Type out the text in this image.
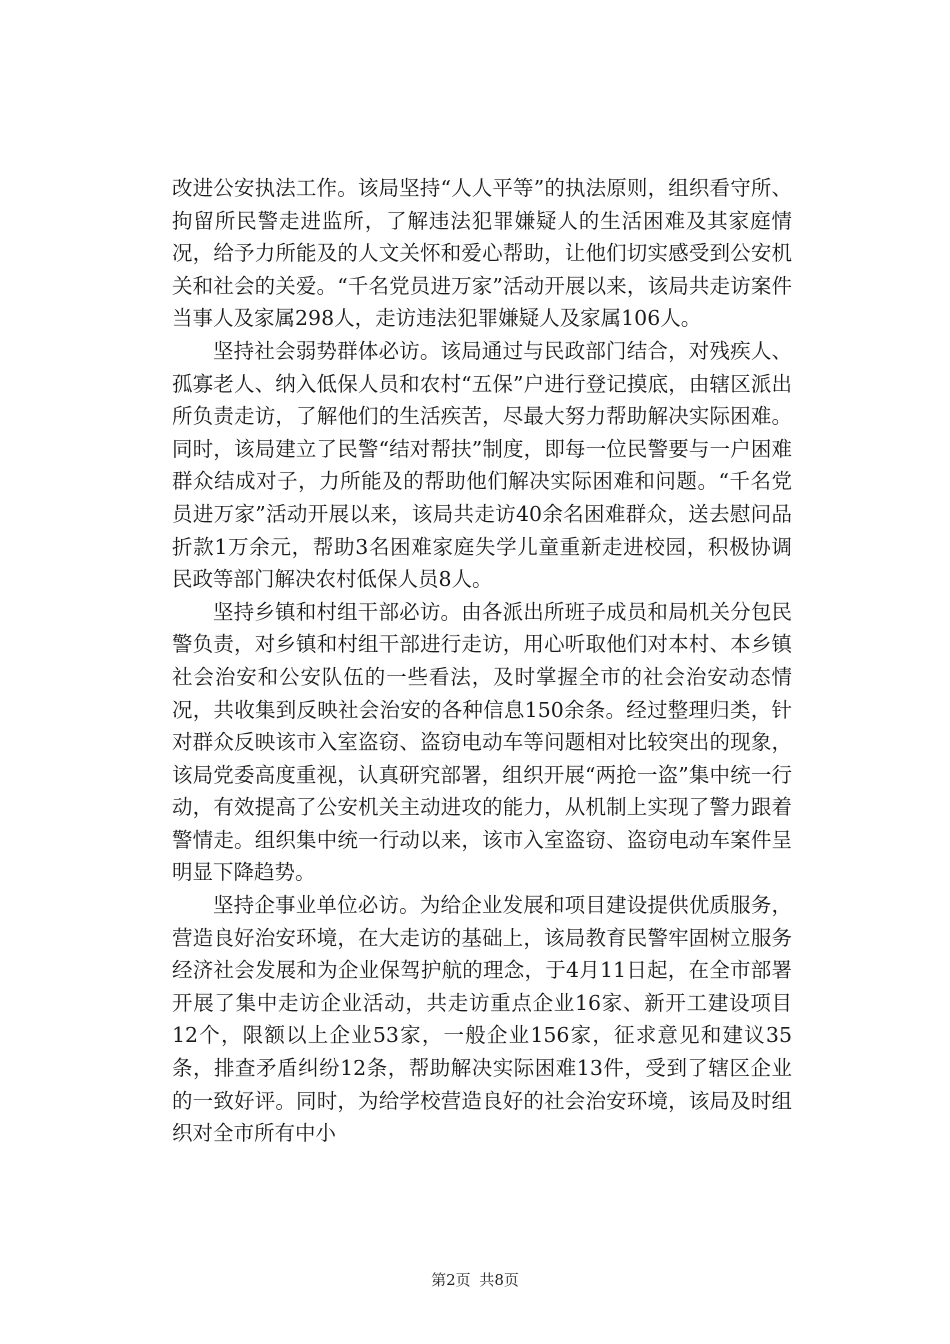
改进公安执法工作。该局坚持“人人平等”的执法原则，组织看守所、拘留所民警走进监所，了解违法犯罪嫌疑人的生活困难及其家庭情况，给予力所能及的人文关怀和爱心帮助，让他们切实感受到公安机关和社会的关爱。“千名党员进万家”活动开展以来，该局共走访案件当事人及家属298人，走访违法犯罪嫌疑人及家属106人。

坚持社会弱势群体必访。该局通过与民政部门结合，对残疾人、孤寡老人、纳入低保人员和农村“五保”户进行登记摸底，由辖区派出所负责走访，了解他们的生活疾苦，尽最大努力帮助解决实际困难。同时，该局建立了民警“结对帮扶”制度，即每一位民警要与一户困难群众结成对子，力所能及的帮助他们解决实际困难和问题。“千名党员进万家”活动开展以来，该局共走访40余名困难群众，送去慰问品折款1万余元，帮助3名困难家庭失学儿童重新走进校园，积极协调民政等部门解决农村低保人员8人。

坚持乡镇和村组干部必访。由各派出所班子成员和局机关分包民警负责，对乡镇和村组干部进行走访，用心听取他们对本村、本乡镇社会治安和公安队伍的一些看法，及时掌握全市的社会治安动态情况，共收集到反映社会治安的各种信息150余条。经过整理归类，针对群众反映该市入室盗窃、盗窃电动车等问题相对比较突出的现象，该局党委高度重视，认真研究部署，组织开展“两抢一盗”集中统一行动，有效提高了公安机关主动进攻的能力，从机制上实现了警力跟着警情走。组织集中统一行动以来，该市入室盗窃、盗窃电动车案件呈明显下降趋势。

坚持企事业单位必访。为给企业发展和项目建设提供优质服务，营造良好治安环境，在大走访的基础上，该局教育民警牢固树立服务经济社会发展和为企业保驾护航的理念，于4月11日起，在全市部署开展了集中走访企业活动，共走访重点企业16家、新开工建设项目12个，限额以上企业53家，一般企业156家，征求意见和建议35条，排查矛盾纠纷12条，帮助解决实际困难13件，受到了辖区企业的一致好评。同时，为给学校营造良好的社会治安环境，该局及时组织对全市所有中小

第2页 共8页
